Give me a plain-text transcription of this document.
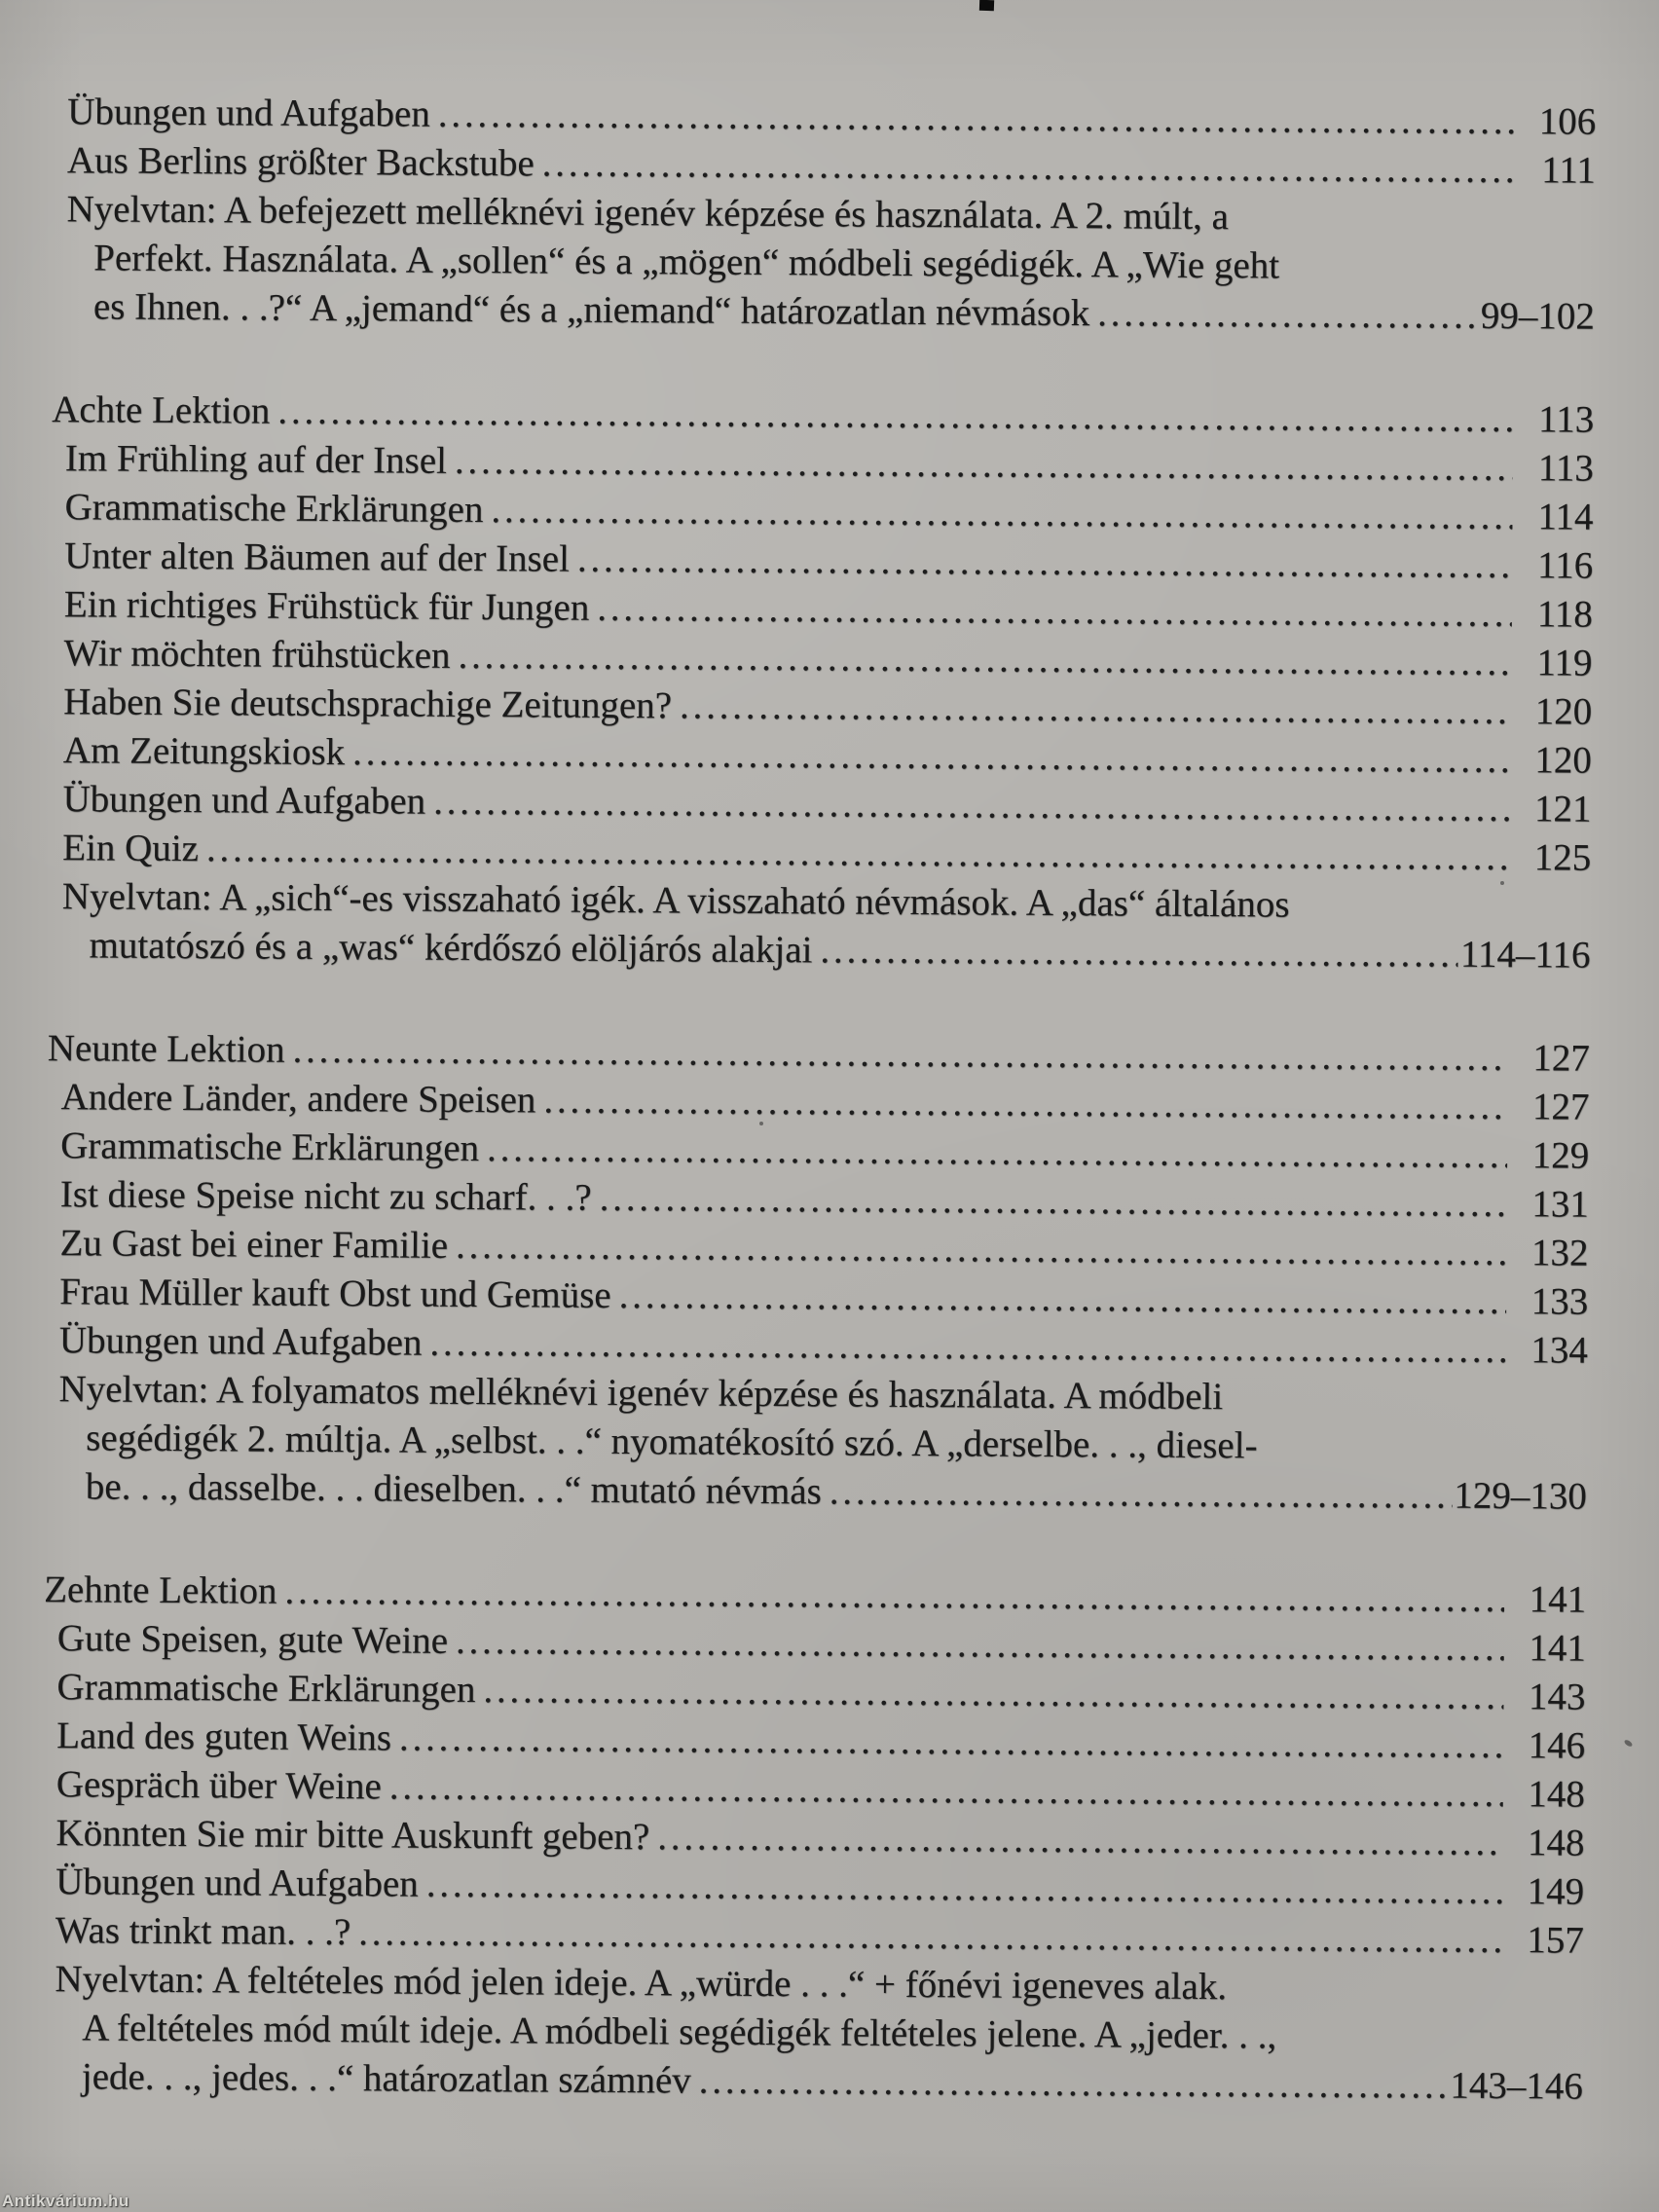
Übungen und Aufgaben .....	106
Aus Berlins größter Backstube .....	111
Nyelvtan: A befejezett melléknévi igenév képzése és használata. A 2. múlt, a
Perfekt. Használata. A „sollen“ és a „mögen“ módbeli segédigék. A „Wie geht
es Ihnen. . .?“ A „jemand“ és a „niemand“ határozatlan névmások .....	99–102
Achte Lektion .....	113
Im Frühling auf der Insel .....	113
Grammatische Erklärungen .....	114
Unter alten Bäumen auf der Insel .....	116
Ein richtiges Frühstück für Jungen .....	118
Wir möchten frühstücken .....	119
Haben Sie deutschsprachige Zeitungen? .....	120
Am Zeitungskiosk .....	120
Übungen und Aufgaben .....	121
Ein Quiz .....	125
Nyelvtan: A „sich“-es visszaható igék. A visszaható névmások. A „das“ általános
mutatószó és a „was“ kérdőszó elöljárós alakjai .....	114–116
Neunte Lektion .....	127
Andere Länder, andere Speisen .....	127
Grammatische Erklärungen .....	129
Ist diese Speise nicht zu scharf. . .? .....	131
Zu Gast bei einer Familie .....	132
Frau Müller kauft Obst und Gemüse .....	133
Übungen und Aufgaben .....	134
Nyelvtan: A folyamatos melléknévi igenév képzése és használata. A módbeli
segédigék 2. múltja. A „selbst. . .“ nyomatékosító szó. A „derselbe. . ., diesel-
be. . ., dasselbe. . . dieselben. . .“ mutató névmás .....	129–130
Zehnte Lektion .....	141
Gute Speisen, gute Weine .....	141
Grammatische Erklärungen .....	143
Land des guten Weins .....	146
Gespräch über Weine .....	148
Könnten Sie mir bitte Auskunft geben? .....	148
Übungen und Aufgaben .....	149
Was trinkt man. . .? .....	157
Nyelvtan: A feltételes mód jelen ideje. A „würde . . .“ + főnévi igeneves alak.
A feltételes mód múlt ideje. A módbeli segédigék feltételes jelene. A „jeder. . .,
jede. . ., jedes. . .“ határozatlan számnév .....	143–146
Antikvárium.hu
